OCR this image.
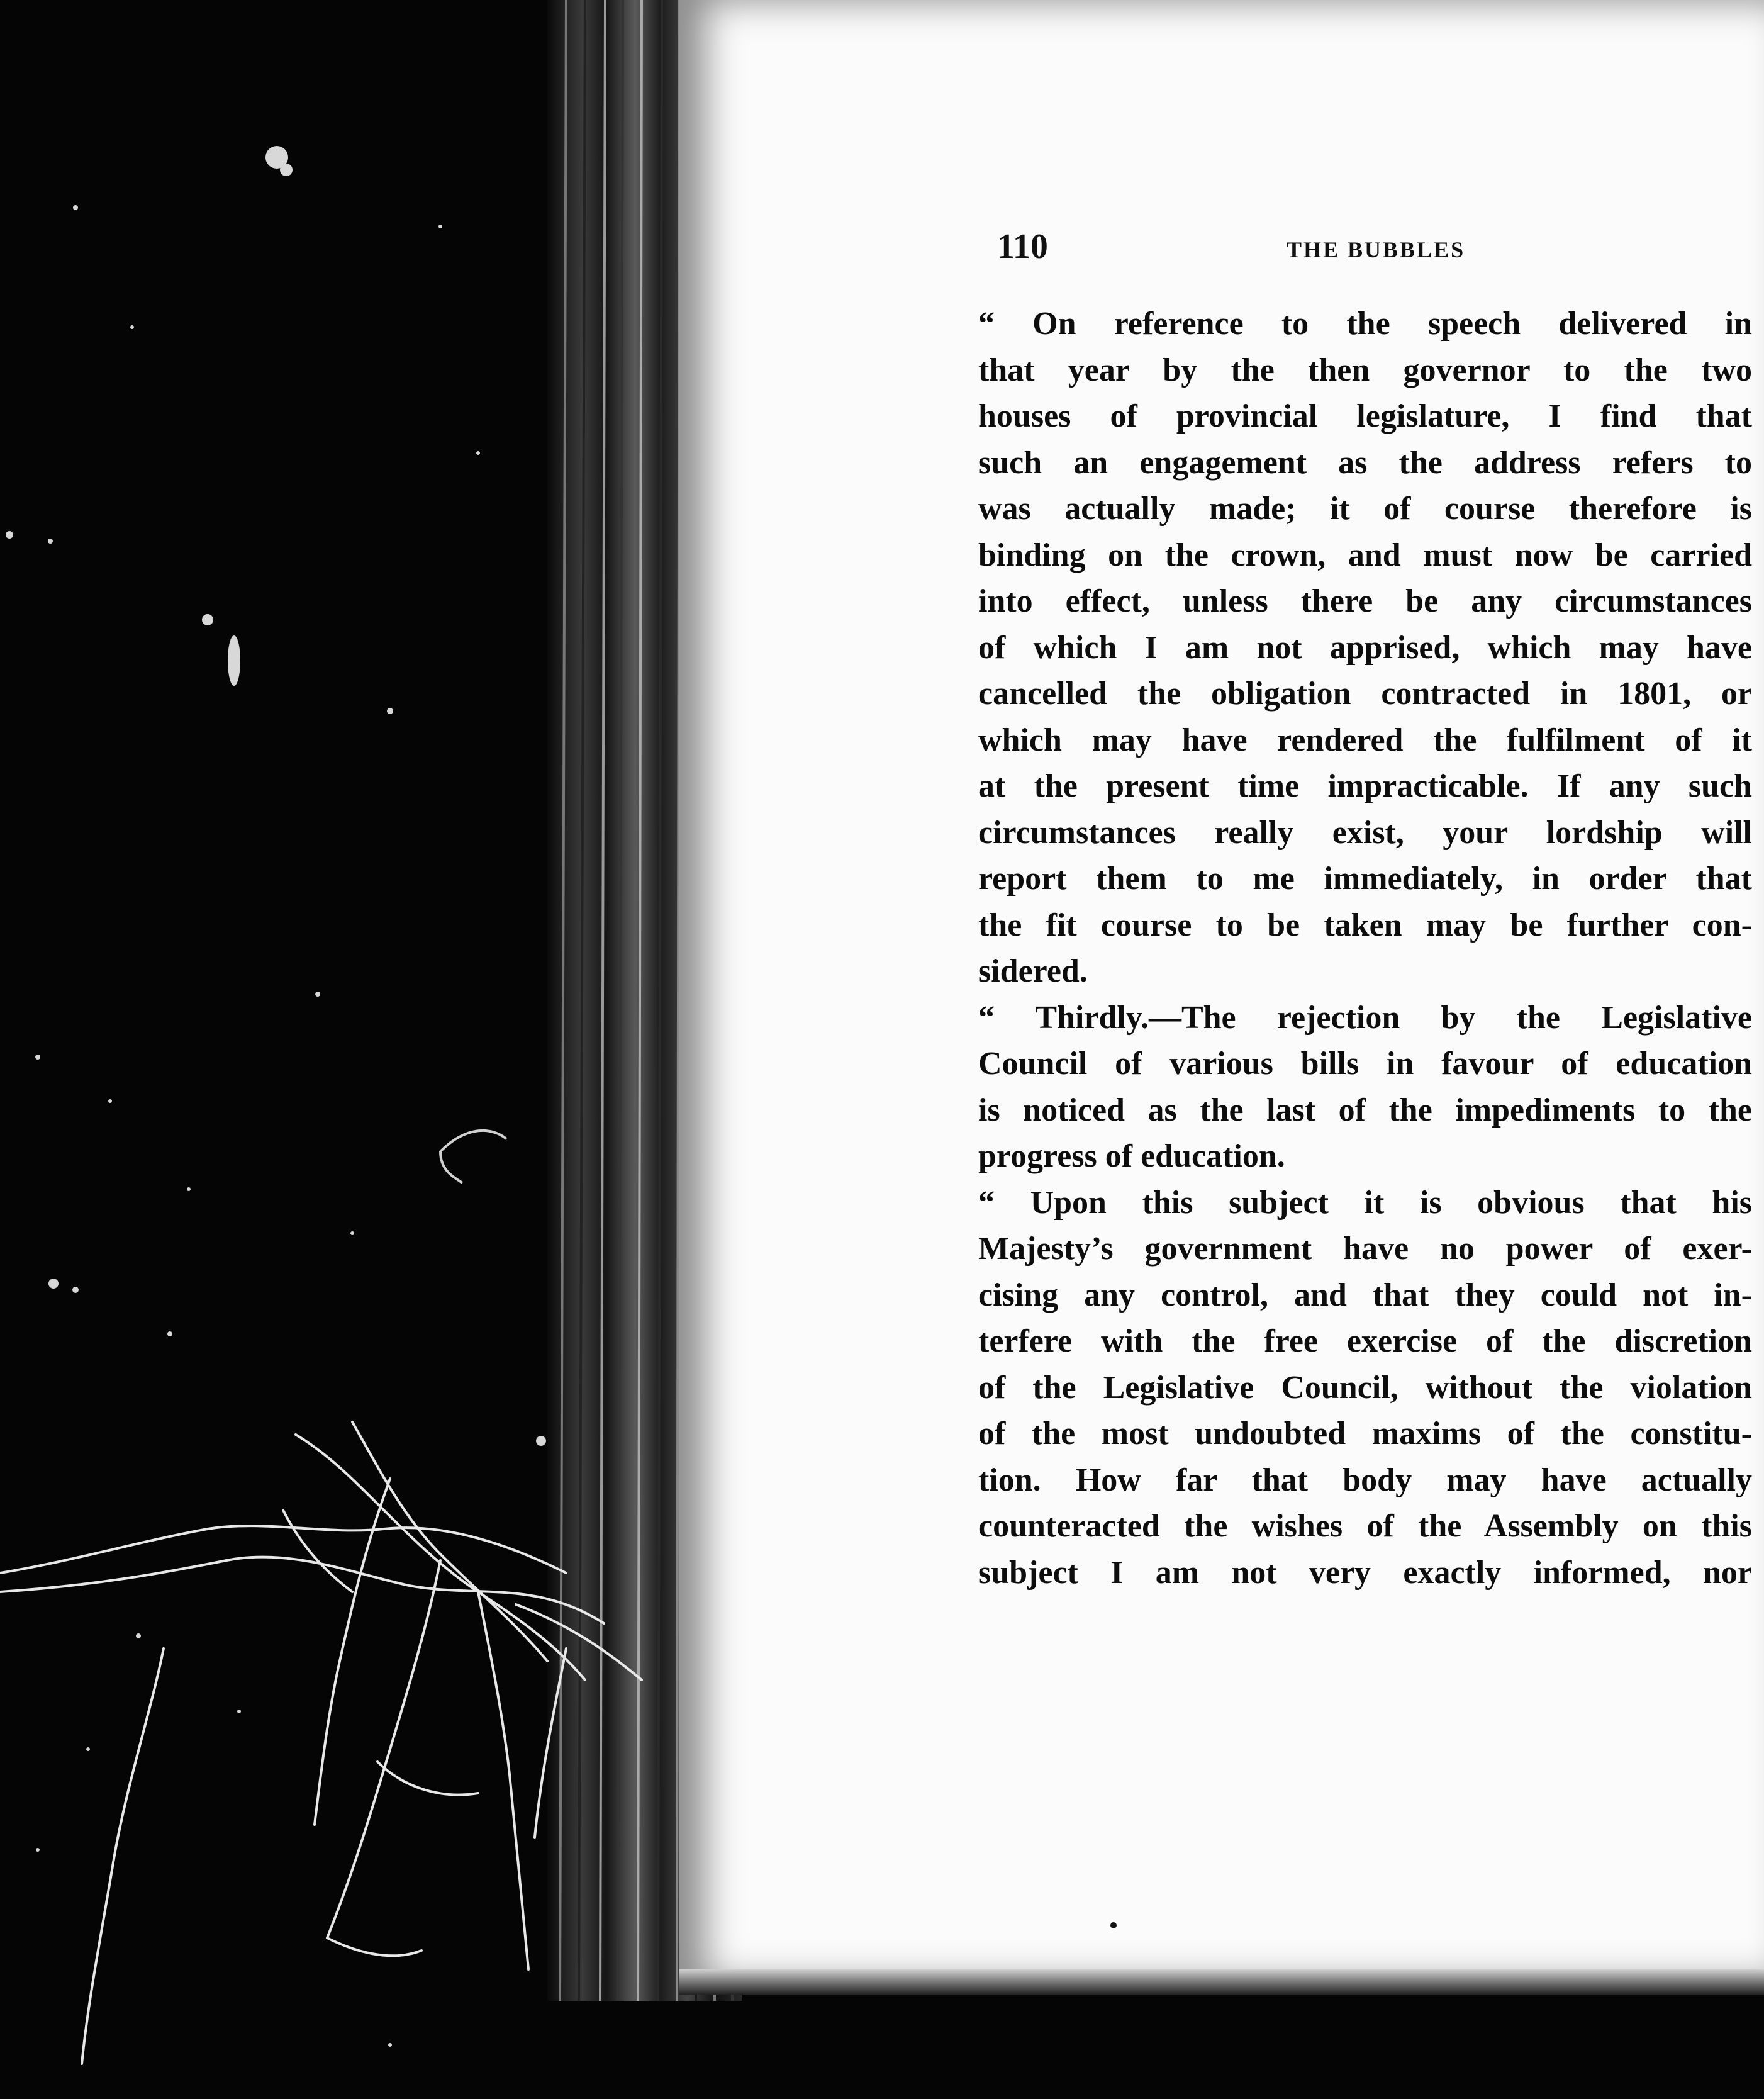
110	THE BUBBLES
“ On reference to the speech delivered in
that year by the then governor to the two
houses of provincial legislature, I find that
such an engagement as the address refers to
was actually made; it of course therefore is
binding on the crown, and must now be carried
into effect, unless there be any circumstances
of which I am not apprised, which may have
cancelled the obligation contracted in 1801, or
which may have rendered the fulfilment of it
at the present time impracticable. If any such
circumstances really exist, your lordship will
report them to me immediately, in order that
the fit course to be taken may be further con-
sidered.
“ Thirdly.—The rejection by the Legislative
Council of various bills in favour of education
is noticed as the last of the impediments to the
progress of education.
“ Upon this subject it is obvious that his
Majesty’s government have no power of exer-
cising any control, and that they could not in-
terfere with the free exercise of the discretion
of the Legislative Council, without the violation
of the most undoubted maxims of the constitu-
tion. How far that body may have actually
counteracted the wishes of the Assembly on this
subject I am not very exactly informed, nor
